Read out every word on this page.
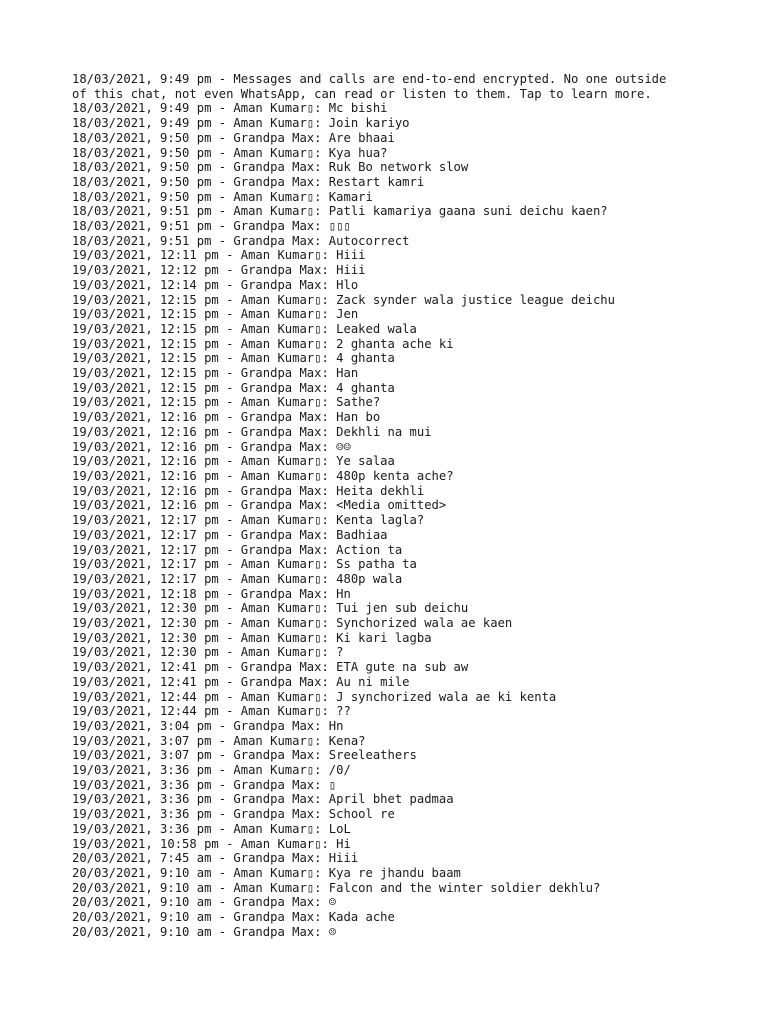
18/03/2021, 9:49 pm - Messages and calls are end-to-end encrypted. No one outside
of this chat, not even WhatsApp, can read or listen to them. Tap to learn more.
18/03/2021, 9:49 pm - Aman Kumar▯: Mc bishi
18/03/2021, 9:49 pm - Aman Kumar▯: Join kariyo
18/03/2021, 9:50 pm - Grandpa Max: Are bhaai
18/03/2021, 9:50 pm - Aman Kumar▯: Kya hua?
18/03/2021, 9:50 pm - Grandpa Max: Ruk Bo network slow
18/03/2021, 9:50 pm - Grandpa Max: Restart kamri
18/03/2021, 9:50 pm - Aman Kumar▯: Kamari
18/03/2021, 9:51 pm - Aman Kumar▯: Patli kamariya gaana suni deichu kaen?
18/03/2021, 9:51 pm - Grandpa Max: ▯▯▯
18/03/2021, 9:51 pm - Grandpa Max: Autocorrect
19/03/2021, 12:11 pm - Aman Kumar▯: Hiii
19/03/2021, 12:12 pm - Grandpa Max: Hiii
19/03/2021, 12:14 pm - Grandpa Max: Hlo
19/03/2021, 12:15 pm - Aman Kumar▯: Zack synder wala justice league deichu
19/03/2021, 12:15 pm - Aman Kumar▯: Jen
19/03/2021, 12:15 pm - Aman Kumar▯: Leaked wala
19/03/2021, 12:15 pm - Aman Kumar▯: 2 ghanta ache ki
19/03/2021, 12:15 pm - Aman Kumar▯: 4 ghanta
19/03/2021, 12:15 pm - Grandpa Max: Han
19/03/2021, 12:15 pm - Grandpa Max: 4 ghanta
19/03/2021, 12:15 pm - Aman Kumar▯: Sathe?
19/03/2021, 12:16 pm - Grandpa Max: Han bo
19/03/2021, 12:16 pm - Grandpa Max: Dekhli na mui
19/03/2021, 12:16 pm - Grandpa Max: ☺☺
19/03/2021, 12:16 pm - Aman Kumar▯: Ye salaa
19/03/2021, 12:16 pm - Aman Kumar▯: 480p kenta ache?
19/03/2021, 12:16 pm - Grandpa Max: Heita dekhli
19/03/2021, 12:16 pm - Grandpa Max: <Media omitted>
19/03/2021, 12:17 pm - Aman Kumar▯: Kenta lagla?
19/03/2021, 12:17 pm - Grandpa Max: Badhiaa
19/03/2021, 12:17 pm - Grandpa Max: Action ta
19/03/2021, 12:17 pm - Aman Kumar▯: Ss patha ta
19/03/2021, 12:17 pm - Aman Kumar▯: 480p wala
19/03/2021, 12:18 pm - Grandpa Max: Hn
19/03/2021, 12:30 pm - Aman Kumar▯: Tui jen sub deichu
19/03/2021, 12:30 pm - Aman Kumar▯: Synchorized wala ae kaen
19/03/2021, 12:30 pm - Aman Kumar▯: Ki kari lagba
19/03/2021, 12:30 pm - Aman Kumar▯: ?
19/03/2021, 12:41 pm - Grandpa Max: ETA gute na sub aw
19/03/2021, 12:41 pm - Grandpa Max: Au ni mile
19/03/2021, 12:44 pm - Aman Kumar▯: J synchorized wala ae ki kenta
19/03/2021, 12:44 pm - Aman Kumar▯: ??
19/03/2021, 3:04 pm - Grandpa Max: Hn
19/03/2021, 3:07 pm - Aman Kumar▯: Kena?
19/03/2021, 3:07 pm - Grandpa Max: Sreeleathers
19/03/2021, 3:36 pm - Aman Kumar▯: /0/
19/03/2021, 3:36 pm - Grandpa Max: ▯
19/03/2021, 3:36 pm - Grandpa Max: April bhet padmaa
19/03/2021, 3:36 pm - Grandpa Max: School re
19/03/2021, 3:36 pm - Aman Kumar▯: LoL
19/03/2021, 10:58 pm - Aman Kumar▯: Hi
20/03/2021, 7:45 am - Grandpa Max: Hiii
20/03/2021, 9:10 am - Aman Kumar▯: Kya re jhandu baam
20/03/2021, 9:10 am - Aman Kumar▯: Falcon and the winter soldier dekhlu?
20/03/2021, 9:10 am - Grandpa Max: ☺
20/03/2021, 9:10 am - Grandpa Max: Kada ache
20/03/2021, 9:10 am - Grandpa Max: ☹
